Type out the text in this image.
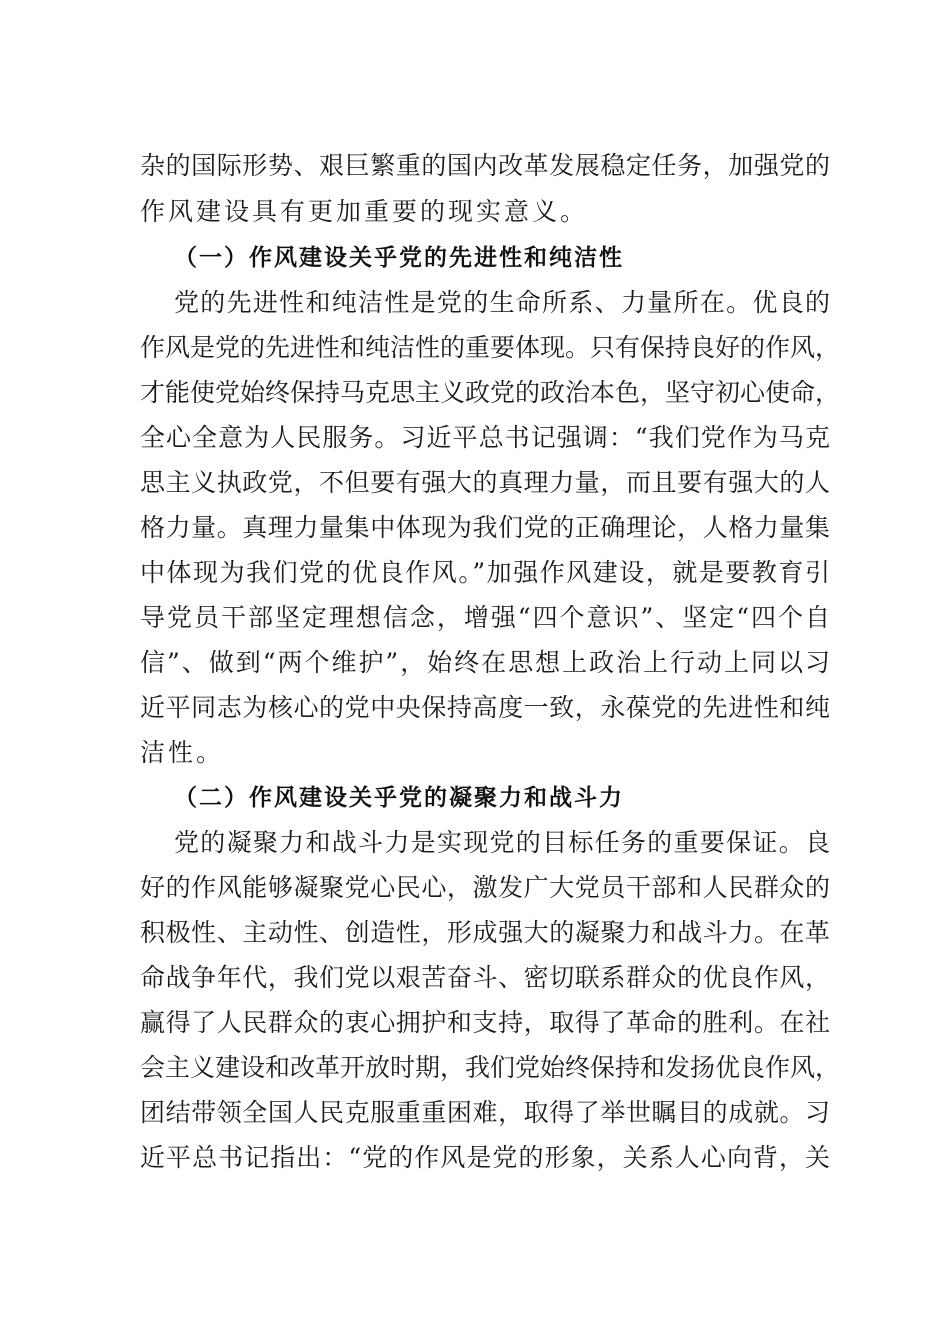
杂的国际形势、艰巨繁重的国内改革发展稳定任务，加强党的
作风建设具有更加重要的现实意义。
（一）作风建设关乎党的先进性和纯洁性
党的先进性和纯洁性是党的生命所系、力量所在。优良的
作风是党的先进性和纯洁性的重要体现。只有保持良好的作风，
才能使党始终保持马克思主义政党的政治本色，坚守初心使命，
全心全意为人民服务。习近平总书记强调：“我们党作为马克
思主义执政党，不但要有强大的真理力量，而且要有强大的人
格力量。真理力量集中体现为我们党的正确理论，人格力量集
中体现为我们党的优良作风。”加强作风建设，就是要教育引
导党员干部坚定理想信念，增强“四个意识”、坚定“四个自
信”、做到“两个维护”，始终在思想上政治上行动上同以习
近平同志为核心的党中央保持高度一致，永葆党的先进性和纯
洁性。
（二）作风建设关乎党的凝聚力和战斗力
党的凝聚力和战斗力是实现党的目标任务的重要保证。良
好的作风能够凝聚党心民心，激发广大党员干部和人民群众的
积极性、主动性、创造性，形成强大的凝聚力和战斗力。在革
命战争年代，我们党以艰苦奋斗、密切联系群众的优良作风，
赢得了人民群众的衷心拥护和支持，取得了革命的胜利。在社
会主义建设和改革开放时期，我们党始终保持和发扬优良作风，
团结带领全国人民克服重重困难，取得了举世瞩目的成就。习
近平总书记指出：“党的作风是党的形象，关系人心向背，关
